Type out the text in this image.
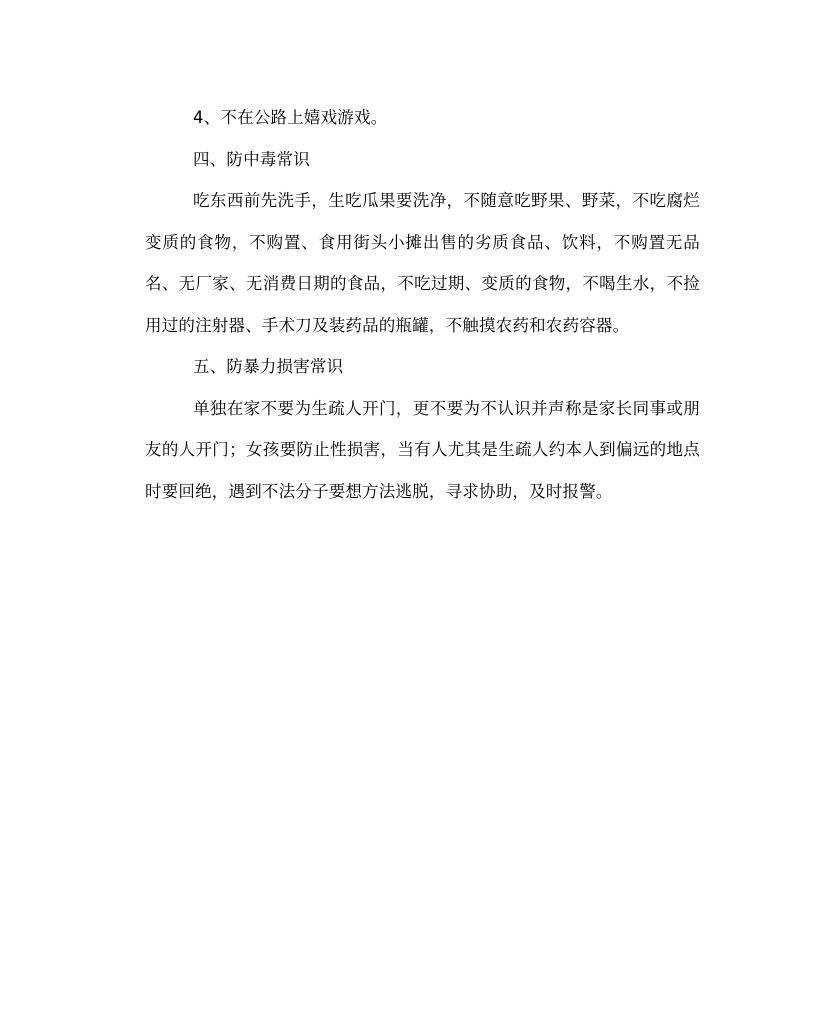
4、不在公路上嬉戏游戏。

四、防中毒常识

吃东西前先洗手，生吃瓜果要洗净，不随意吃野果、野菜，不吃腐烂变质的食物，不购置、食用街头小摊出售的劣质食品、饮料，不购置无品名、无厂家、无消费日期的食品，不吃过期、变质的食物，不喝生水，不捡用过的注射器、手术刀及装药品的瓶罐，不触摸农药和农药容器。

五、防暴力损害常识

单独在家不要为生疏人开门，更不要为不认识并声称是家长同事或朋友的人开门；女孩要防止性损害，当有人尤其是生疏人约本人到偏远的地点时要回绝，遇到不法分子要想方法逃脱，寻求协助，及时报警。
